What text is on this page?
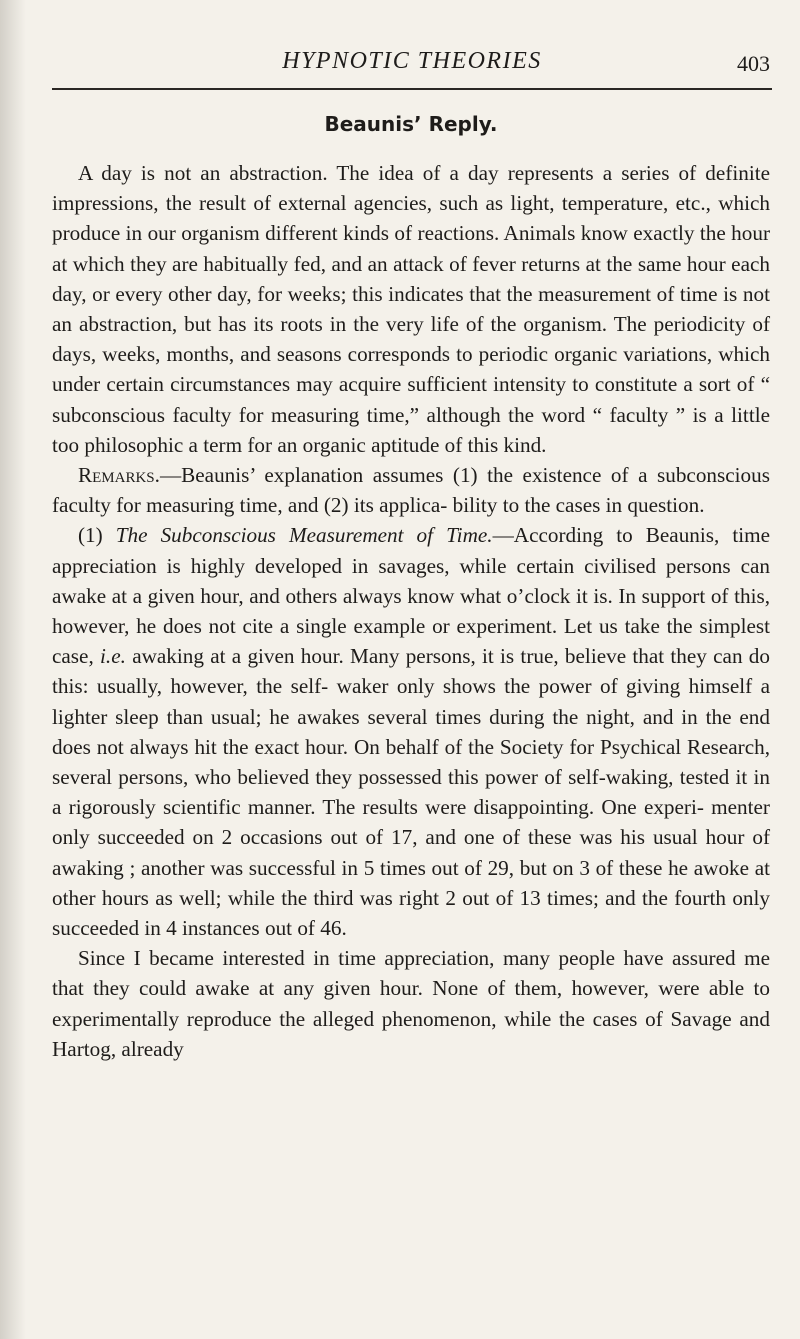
HYPNOTIC THEORIES	403
Beaunis’ Reply.

A day is not an abstraction. The idea of a day represents a series of definite impressions, the result of external agencies, such as light, temperature, etc., which produce in our organism different kinds of reactions. Animals know exactly the hour at which they are habitually fed, and an attack of fever returns at the same hour each day, or every other day, for weeks; this indicates that the measurement of time is not an abstraction, but has its roots in the very life of the organism. The periodicity of days, weeks, months, and seasons corresponds to periodic organic variations, which under certain circumstances may acquire sufficient intensity to constitute a sort of “ subconscious faculty for measuring time,” although the word “ faculty ” is a little too philosophic a term for an organic aptitude of this kind.

Remarks.—Beaunis’ explanation assumes (1) the existence of a subconscious faculty for measuring time, and (2) its applica- bility to the cases in question.

(1) The Subconscious Measurement of Time.—According to Beaunis, time appreciation is highly developed in savages, while certain civilised persons can awake at a given hour, and others always know what o’clock it is. In support of this, however, he does not cite a single example or experiment. Let us take the simplest case, i.e. awaking at a given hour. Many persons, it is true, believe that they can do this: usually, however, the self- waker only shows the power of giving himself a lighter sleep than usual; he awakes several times during the night, and in the end does not always hit the exact hour. On behalf of the Society for Psychical Research, several persons, who believed they possessed this power of self-waking, tested it in a rigorously scientific manner. The results were disappointing. One experi- menter only succeeded on 2 occasions out of 17, and one of these was his usual hour of awaking ; another was successful in 5 times out of 29, but on 3 of these he awoke at other hours as well; while the third was right 2 out of 13 times; and the fourth only succeeded in 4 instances out of 46.

Since I became interested in time appreciation, many people have assured me that they could awake at any given hour. None of them, however, were able to experimentally reproduce the alleged phenomenon, while the cases of Savage and Hartog, already
